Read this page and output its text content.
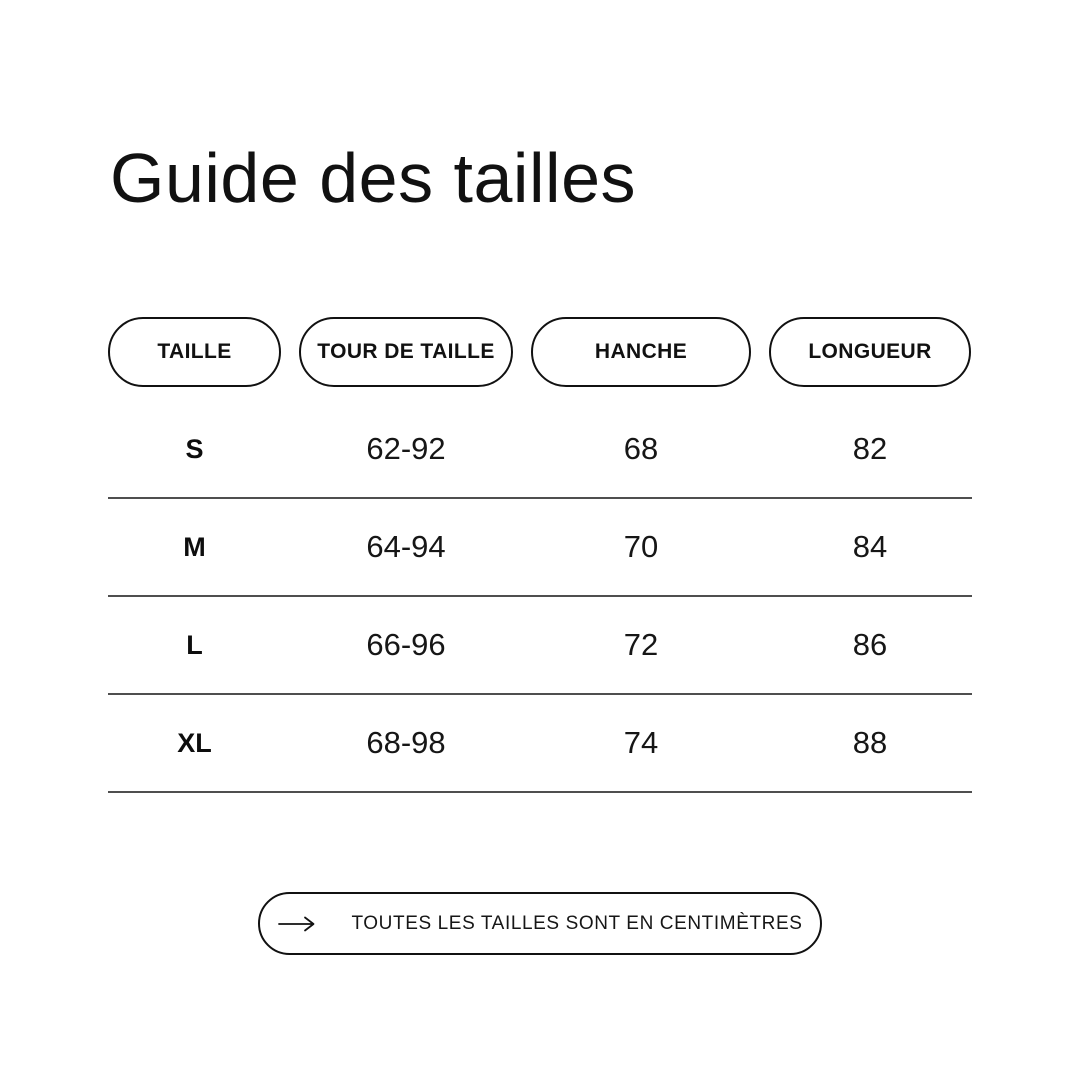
Guide des tailles
TAILLE	TOUR DE TAILLE	HANCHE	LONGUEUR
S	62-92	68	82
M	64-94	70	84
L	66-96	72	86
XL	68-98	74	88
TOUTES LES TAILLES SONT EN CENTIMÈTRES
